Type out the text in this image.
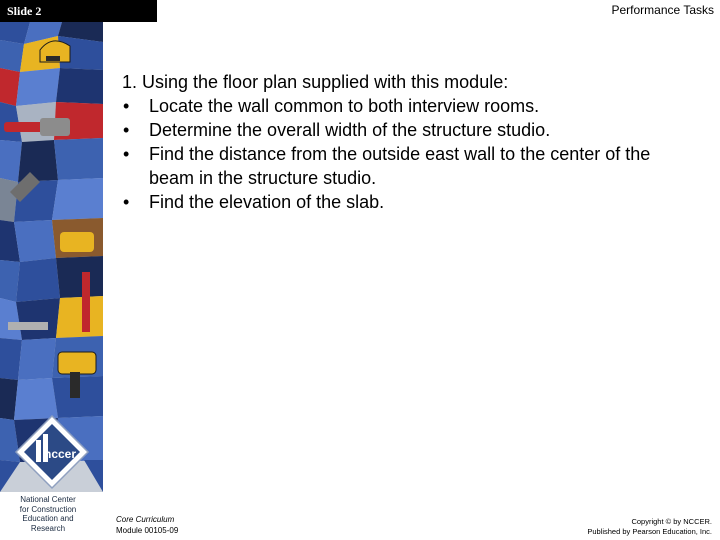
Slide 2	Performance Tasks
nccer
National Center
for Construction
Education and
Research

1. Using the floor plan supplied with this module:

• Locate the wall common to both interview rooms.
• Determine the overall width of the structure studio.
• Find the distance from the outside east wall to the center of the beam in the structure studio.
• Find the elevation of the slab.
Core Curriculum
Module 00105-09
Copyright © by NCCER.
Published by Pearson Education, Inc.
